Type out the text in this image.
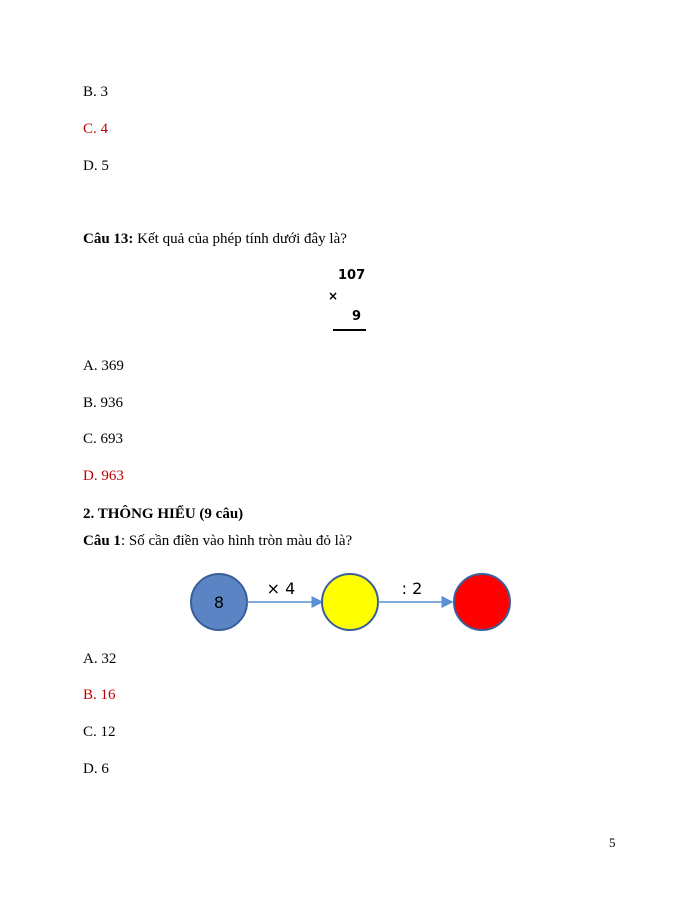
B. 3
C. 4
D. 5
Câu 13: Kết quả của phép tính dưới đây là?
107
×
9
A. 369
B. 936
C. 693
D. 963
2. THÔNG HIỂU (9 câu)
Câu 1: Số cần điền vào hình tròn màu đỏ là?
8
× 4	: 2
A. 32
B. 16
C. 12
D. 6
5
